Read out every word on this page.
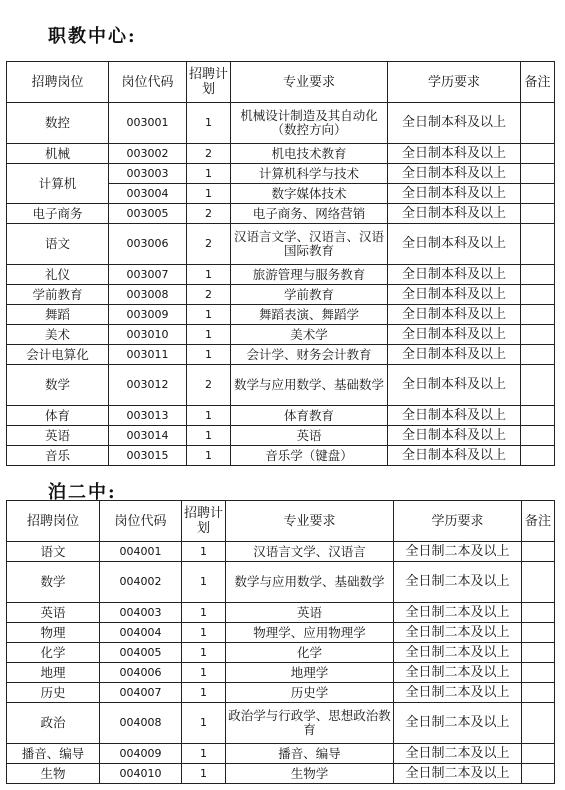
职教中心:
招聘岗位	岗位代码	招聘计划	专业要求	学历要求	备注
数控	003001	1	机械设计制造及其自动化（数控方向）	全日制本科及以上	
机械	003002	2	机电技术教育	全日制本科及以上	
计算机	003003	1	计算机科学与技术	全日制本科及以上	
	003004	1	数字媒体技术	全日制本科及以上	
电子商务	003005	2	电子商务、网络营销	全日制本科及以上	
语文	003006	2	汉语言文学、汉语言、汉语国际教育	全日制本科及以上	
礼仪	003007	1	旅游管理与服务教育	全日制本科及以上	
学前教育	003008	2	学前教育	全日制本科及以上	
舞蹈	003009	1	舞蹈表演、舞蹈学	全日制本科及以上	
美术	003010	1	美术学	全日制本科及以上	
会计电算化	003011	1	会计学、财务会计教育	全日制本科及以上	
数学	003012	2	数学与应用数学、基础数学	全日制本科及以上	
体育	003013	1	体育教育	全日制本科及以上	
英语	003014	1	英语	全日制本科及以上	
音乐	003015	1	音乐学（键盘）	全日制本科及以上	
泊二中:
招聘岗位	岗位代码	招聘计划	专业要求	学历要求	备注
语文	004001	1	汉语言文学、汉语言	全日制二本及以上	
数学	004002	1	数学与应用数学、基础数学	全日制二本及以上	
英语	004003	1	英语	全日制二本及以上	
物理	004004	1	物理学、应用物理学	全日制二本及以上	
化学	004005	1	化学	全日制二本及以上	
地理	004006	1	地理学	全日制二本及以上	
历史	004007	1	历史学	全日制二本及以上	
政治	004008	1	政治学与行政学、思想政治教育	全日制二本及以上	
播音、编导	004009	1	播音、编导	全日制二本及以上	
生物	004010	1	生物学	全日制二本及以上	
